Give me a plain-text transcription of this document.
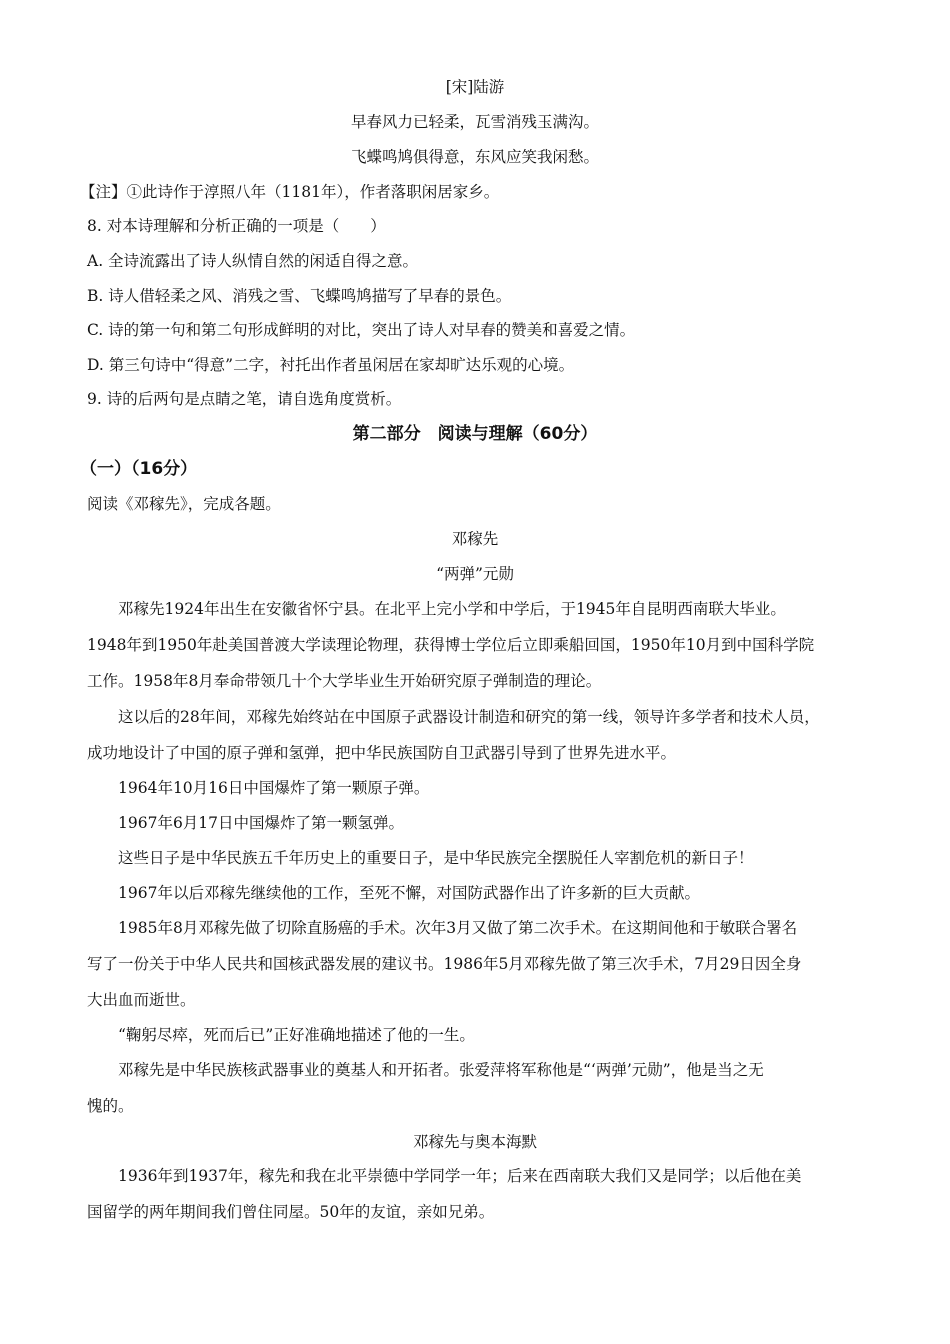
[宋]陆游
早春风力已轻柔，瓦雪消残玉满沟。
飞蝶鸣鸠俱得意，东风应笑我闲愁。
【注】①此诗作于淳照八年（1181年），作者落职闲居家乡。
8. 对本诗理解和分析正确的一项是（　　）
A. 全诗流露出了诗人纵情自然的闲适自得之意。
B. 诗人借轻柔之风、消残之雪、飞蝶鸣鸠描写了早春的景色。
C. 诗的第一句和第二句形成鲜明的对比，突出了诗人对早春的赞美和喜爱之情。
D. 第三句诗中“得意”二字，衬托出作者虽闲居在家却旷达乐观的心境。
9. 诗的后两句是点睛之笔，请自选角度赏析。
第二部分　阅读与理解（60分）
（一）（16分）
阅读《邓稼先》，完成各题。
邓稼先
“两弹”元勋
邓稼先1924年出生在安徽省怀宁县。在北平上完小学和中学后，于1945年自昆明西南联大毕业。
1948年到1950年赴美国普渡大学读理论物理，获得博士学位后立即乘船回国，1950年10月到中国科学院
工作。1958年8月奉命带领几十个大学毕业生开始研究原子弹制造的理论。
这以后的28年间，邓稼先始终站在中国原子武器设计制造和研究的第一线，领导许多学者和技术人员，
成功地设计了中国的原子弹和氢弹，把中华民族国防自卫武器引导到了世界先进水平。
1964年10月16日中国爆炸了第一颗原子弹。
1967年6月17日中国爆炸了第一颗氢弹。
这些日子是中华民族五千年历史上的重要日子，是中华民族完全摆脱任人宰割危机的新日子！
1967年以后邓稼先继续他的工作，至死不懈，对国防武器作出了许多新的巨大贡献。
1985年8月邓稼先做了切除直肠癌的手术。次年3月又做了第二次手术。在这期间他和于敏联合署名
写了一份关于中华人民共和国核武器发展的建议书。1986年5月邓稼先做了第三次手术，7月29日因全身
大出血而逝世。
“鞠躬尽瘁，死而后已”正好准确地描述了他的一生。
邓稼先是中华民族核武器事业的奠基人和开拓者。张爱萍将军称他是“‘两弹’元勋”，他是当之无
愧的。
邓稼先与奥本海默
1936年到1937年，稼先和我在北平崇德中学同学一年；后来在西南联大我们又是同学；以后他在美
国留学的两年期间我们曾住同屋。50年的友谊，亲如兄弟。
